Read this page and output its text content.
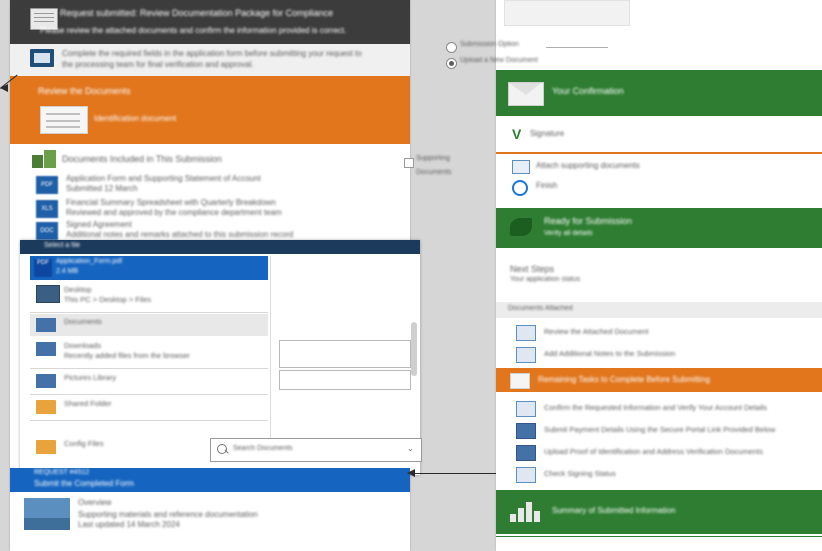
Request submitted: Review Documentation Package for Compliance
Please review the attached documents and confirm the information provided is correct.
Complete the required fields in the application form before submitting your request to
the processing team for final verification and approval.
Review the Documents
Identification document
Documents Included in This Submission
PDF
Application Form and Supporting Statement of Account
Submitted 12 March
XLS
Financial Summary Spreadsheet with Quarterly Breakdown
Reviewed and approved by the compliance department team
DOC
Signed Agreement
Additional notes and remarks attached to this submission record
Select a file
PDF	Application_Form.pdf
2.4 MB
Desktop
This PC > Desktop > Files
Documents
Downloads
Recently added files from the browser
Pictures Library
Shared Folder
Config Files
Search Documents	⌄
REQUEST #4512
Submit the Completed Form
Overview
Supporting materials and reference documentation
Last updated 14 March 2024
Supporting
Documents
Submission Option
Upload a New Document
Your Confirmation
V Signature
Attach supporting documents
Finish
Ready for Submission
Verify all details
Next Steps
Your application status
Documents Attached
Review the Attached Document
Add Additional Notes to the Submission
Remaining Tasks to Complete Before Submitting
Confirm the Requested Information and Verify Your Account Details
Submit Payment Details Using the Secure Portal Link Provided Below
Upload Proof of Identification and Address Verification Documents
Check Signing Status
Summary of Submitted Information
